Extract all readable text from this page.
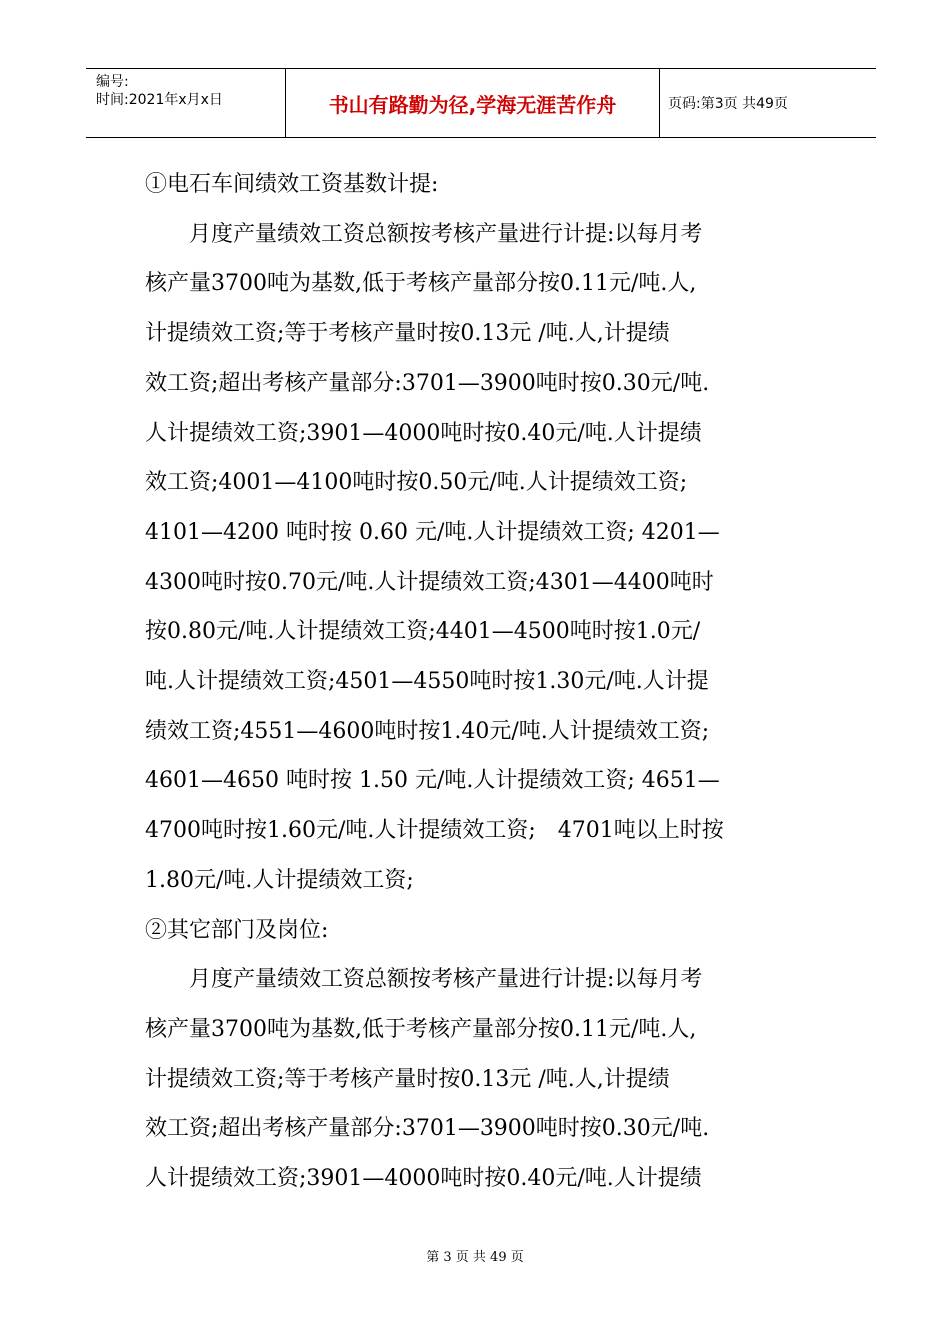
编号:
时间:2021年x月x日	书山有路勤为径,学海无涯苦作舟	页码:第3页 共49页

①电石车间绩效工资基数计提:

　　月度产量绩效工资总额按考核产量进行计提:以每月考

核产量3700吨为基数,低于考核产量部分按0.11元/吨.人,

计提绩效工资;等于考核产量时按0.13元 /吨.人,计提绩

效工资;超出考核产量部分:3701—3900吨时按0.30元/吨.

人计提绩效工资;3901—4000吨时按0.40元/吨.人计提绩

效工资;4001—4100吨时按0.50元/吨.人计提绩效工资;

4101—4200 吨时按 0.60 元/吨.人计提绩效工资; 4201—

4300吨时按0.70元/吨.人计提绩效工资;4301—4400吨时

按0.80元/吨.人计提绩效工资;4401—4500吨时按1.0元/

吨.人计提绩效工资;4501—4550吨时按1.30元/吨.人计提

绩效工资;4551—4600吨时按1.40元/吨.人计提绩效工资;

4601—4650 吨时按 1.50 元/吨.人计提绩效工资; 4651—

4700吨时按1.60元/吨.人计提绩效工资;　4701吨以上时按

1.80元/吨.人计提绩效工资;

②其它部门及岗位:

　　月度产量绩效工资总额按考核产量进行计提:以每月考

核产量3700吨为基数,低于考核产量部分按0.11元/吨.人,

计提绩效工资;等于考核产量时按0.13元 /吨.人,计提绩

效工资;超出考核产量部分:3701—3900吨时按0.30元/吨.

人计提绩效工资;3901—4000吨时按0.40元/吨.人计提绩

第 3 页 共 49 页
